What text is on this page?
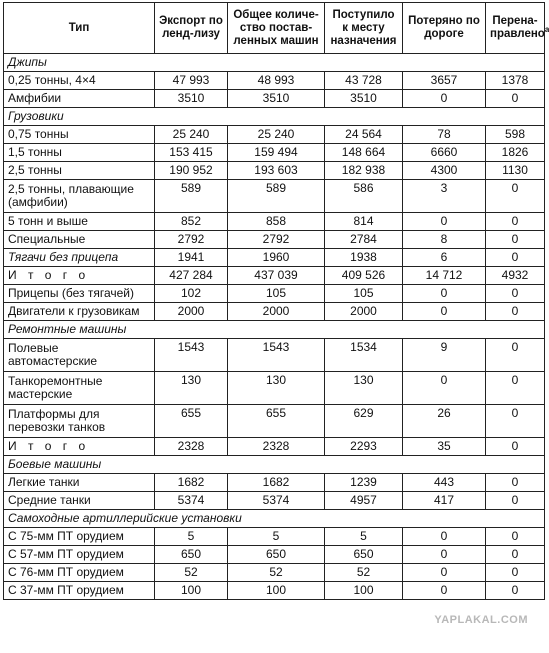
Тип	Экспорт по ленд-лизу	Общее количе-ство постав-ленных машин	Поступило к месту назначения	Потеряно по дороге	Перена-правлено$^а$
Джипы					
0,25 тонны, 4×4	47 993	48 993	43 728	3657	1378
Амфибии	3510	3510	3510	0	0
Грузовики					
0,75 тонны	25 240	25 240	24 564	78	598
1,5 тонны	153 415	159 494	148 664	6660	1826
2,5 тонны	190 952	193 603	182 938	4300	1130
2,5 тонны, плавающие (амфибии)	589	589	586	3	0
5 тонн и выше	852	858	814	0	0
Специальные	2792	2792	2784	8	0
Тягачи без прицепа	1941	1960	1938	6	0
И т о г о	427 284	437 039	409 526	14 712	4932
Прицепы (без тягачей)	102	105	105	0	0
Двигатели к грузовикам	2000	2000	2000	0	0
Ремонтные машины					
Полевые автомастерские	1543	1543	1534	9	0
Танкоремонтные мастерские	130	130	130	0	0
Платформы для перевозки танков	655	655	629	26	0
И т о г о	2328	2328	2293	35	0
Боевые машины					
Легкие танки	1682	1682	1239	443	0
Средние танки	5374	5374	4957	417	0
Самоходные артиллерийские установки					
С 75-мм ПТ орудием	5	5	5	0	0
С 57-мм ПТ орудием	650	650	650	0	0
С 76-мм ПТ орудием	52	52	52	0	0
С 37-мм ПТ орудием	100	100	100	0	0
YAPLAKAL.COM
